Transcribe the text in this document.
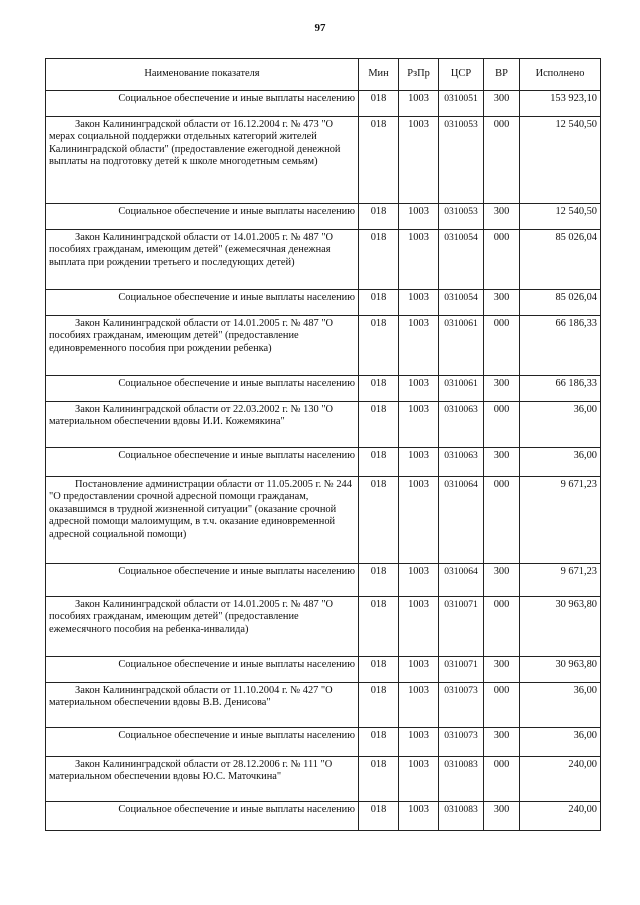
97
Наименование показателя	Мин	РзПр	ЦСР	ВР	Исполнено
Социальное обеспечение и иные выплаты населению	018	1003	0310051	300	153 923,10
Закон Калининградской области от 16.12.2004 г. № 473 "О мерах социальной поддержки отдельных категорий жителей Калининградской области" (предоставление ежегодной денежной выплаты на подготовку детей к школе многодетным семьям)	018	1003	0310053	000	12 540,50
Социальное обеспечение и иные выплаты населению	018	1003	0310053	300	12 540,50
Закон Калининградской области от 14.01.2005 г. № 487 "О пособиях гражданам, имеющим детей" (ежемесячная денежная выплата при рождении третьего и последующих детей)	018	1003	0310054	000	85 026,04
Социальное обеспечение и иные выплаты населению	018	1003	0310054	300	85 026,04
Закон Калининградской области от 14.01.2005 г. № 487 "О пособиях гражданам, имеющим детей" (предоставление единовременного пособия при рождении ребенка)	018	1003	0310061	000	66 186,33
Социальное обеспечение и иные выплаты населению	018	1003	0310061	300	66 186,33
Закон Калининградской области от 22.03.2002 г. № 130 "О материальном обеспечении вдовы И.И. Кожемякина"	018	1003	0310063	000	36,00
Социальное обеспечение и иные выплаты населению	018	1003	0310063	300	36,00
Постановление администрации области от 11.05.2005 г. № 244 "О предоставлении срочной адресной помощи гражданам, оказавшимся в трудной жизненной ситуации" (оказание срочной адресной помощи малоимущим, в т.ч. оказание единовременной адресной социальной помощи)	018	1003	0310064	000	9 671,23
Социальное обеспечение и иные выплаты населению	018	1003	0310064	300	9 671,23
Закон Калининградской области от 14.01.2005 г. № 487 "О пособиях гражданам, имеющим детей" (предоставление ежемесячного пособия на ребенка-инвалида)	018	1003	0310071	000	30 963,80
Социальное обеспечение и иные выплаты населению	018	1003	0310071	300	30 963,80
Закон Калининградской области от 11.10.2004 г. № 427 "О материальном обеспечении вдовы В.В. Денисова"	018	1003	0310073	000	36,00
Социальное обеспечение и иные выплаты населению	018	1003	0310073	300	36,00
Закон Калининградской области от 28.12.2006 г. № 111 "О материальном обеспечении вдовы Ю.С. Маточкина"	018	1003	0310083	000	240,00
Социальное обеспечение и иные выплаты населению	018	1003	0310083	300	240,00
